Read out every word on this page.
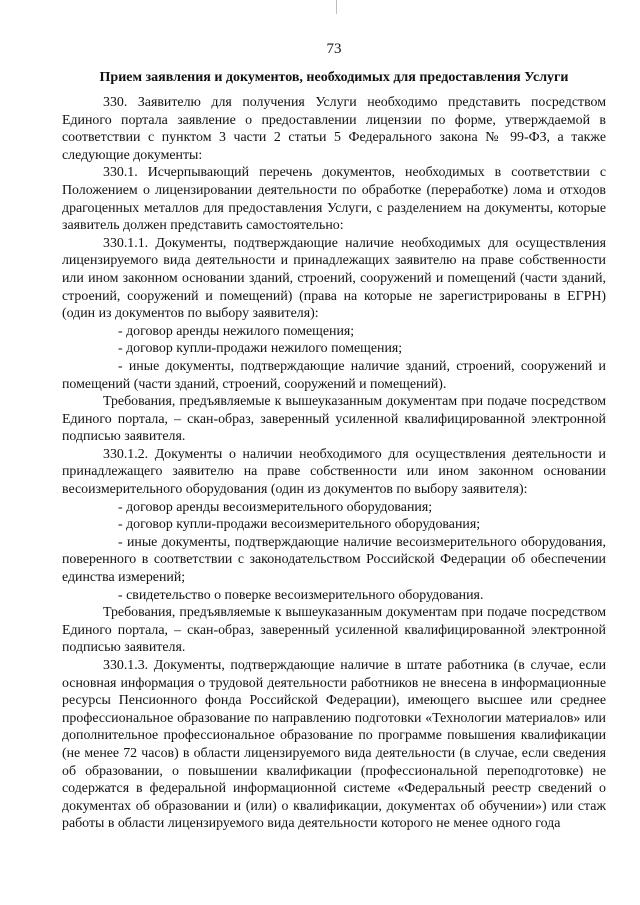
73
Прием заявления и документов, необходимых для предоставления Услуги

330. Заявителю для получения Услуги необходимо представить посредством Единого портала заявление о предоставлении лицензии по форме, утверждаемой в соответствии с пунктом 3 части 2 статьи 5 Федерального закона № 99-ФЗ, а также следующие документы:

330.1. Исчерпывающий перечень документов, необходимых в соответствии с Положением о лицензировании деятельности по обработке (переработке) лома и отходов драгоценных металлов для предоставления Услуги, с разделением на документы, которые заявитель должен представить самостоятельно:

330.1.1. Документы, подтверждающие наличие необходимых для осуществления лицензируемого вида деятельности и принадлежащих заявителю на праве собственности или ином законном основании зданий, строений, сооружений и помещений (части зданий, строений, сооружений и помещений) (права на которые не зарегистрированы в ЕГРН) (один из документов по выбору заявителя):

- договор аренды нежилого помещения;

- договор купли-продажи нежилого помещения;

- иные документы, подтверждающие наличие зданий, строений, сооружений и помещений (части зданий, строений, сооружений и помещений).

Требования, предъявляемые к вышеуказанным документам при подаче посредством Единого портала, – скан-образ, заверенный усиленной квалифицированной электронной подписью заявителя.

330.1.2. Документы о наличии необходимого для осуществления деятельности и принадлежащего заявителю на праве собственности или ином законном основании весоизмерительного оборудования (один из документов по выбору заявителя):

- договор аренды весоизмерительного оборудования;

- договор купли-продажи весоизмерительного оборудования;

- иные документы, подтверждающие наличие весоизмерительного оборудования, поверенного в соответствии с законодательством Российской Федерации об обеспечении единства измерений;

- свидетельство о поверке весоизмерительного оборудования.

Требования, предъявляемые к вышеуказанным документам при подаче посредством Единого портала, – скан-образ, заверенный усиленной квалифицированной электронной подписью заявителя.

330.1.3. Документы, подтверждающие наличие в штате работника (в случае, если основная информация о трудовой деятельности работников не внесена в информационные ресурсы Пенсионного фонда Российской Федерации), имеющего высшее или среднее профессиональное образование по направлению подготовки «Технологии материалов» или дополнительное профессиональное образование по программе повышения квалификации (не менее 72 часов) в области лицензируемого вида деятельности (в случае, если сведения об образовании, о повышении квалификации (профессиональной переподготовке) не содержатся в федеральной информационной системе «Федеральный реестр сведений о документах об образовании и (или) о квалификации, документах об обучении») или стаж работы в области лицензируемого вида деятельности которого не менее одного года
